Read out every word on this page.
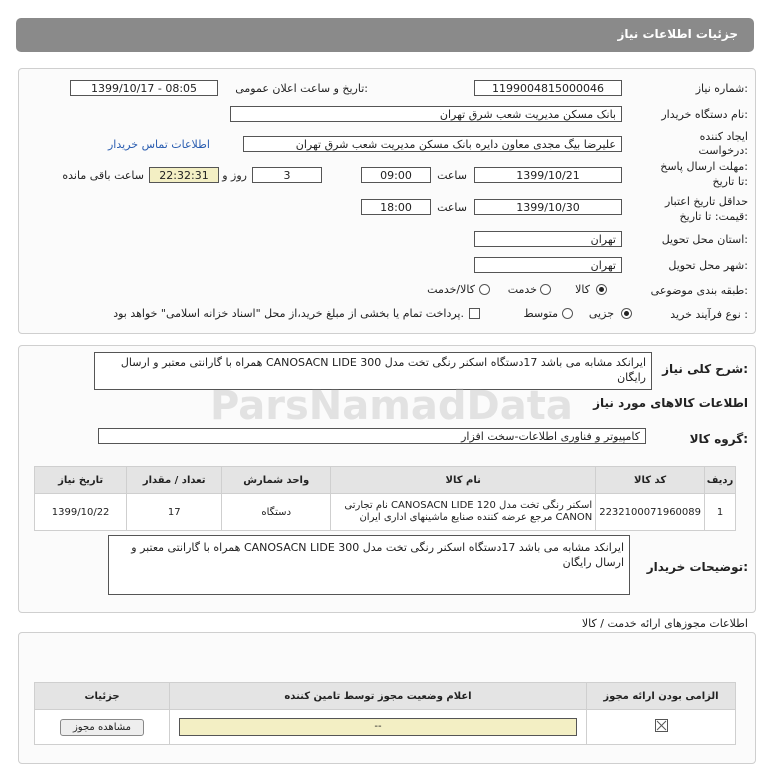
جزئیات اطلاعات نیاز
شماره نیاز:
1199004815000046
تاریخ و ساعت اعلان عمومی:
1399/10/17 - 08:05
نام دستگاه خریدار:
بانک مسکن مدیریت شعب شرق تهران
ایجاد کننده
درخواست:
علیرضا بیگ مجدی معاون دایره بانک مسکن مدیریت شعب شرق تهران
اطلاعات تماس خریدار
مهلت ارسال پاسخ:
تا تاریخ:
1399/10/21
ساعت
09:00
3
روز و
22:32:31
ساعت باقی مانده
حداقل تاریخ اعتبار
قیمت: تا تاریخ:
1399/10/30
ساعت
18:00
استان محل تحویل:
تهران
شهر محل تحویل:
تهران
طبقه بندی موضوعی:
کالا
خدمت
کالا/خدمت
نوع فرآیند خرید :
جزیی
متوسط
پرداخت تمام یا بخشی از مبلغ خرید،از محل "اسناد خزانه اسلامی" خواهد بود.
شرح کلی نیاز:
ایرانکد مشابه می باشد 17دستگاه اسکنر رنگی تخت مدل CANOSACN LIDE 300 همراه با گارانتی معتبر و ارسال رایگان
اطلاعات کالاهای مورد نیاز
گروه کالا:
کامپیوتر و فناوری اطلاعات-سخت افزار
ردیف	کد کالا	نام کالا	واحد شمارش	تعداد / مقدار	تاریخ نیاز
1	2232100071960089	اسکنر رنگی تخت مدل CANOSACN LIDE 120 نام تجارتی CANON مرجع عرضه کننده صنایع ماشینهای اداری ایران	دستگاه	17	1399/10/22
توضیحات خریدار:
ایرانکد مشابه می باشد 17دستگاه اسکنر رنگی تخت مدل CANOSACN LIDE 300 همراه با گارانتی معتبر و ارسال رایگان
اطلاعات مجوزهای ارائه خدمت / کالا
الزامی بودن ارائه مجوز	اعلام وضعیت مجوز توسط تامین کننده	جزئیات

--	مشاهده مجوز
ParsNamadData
